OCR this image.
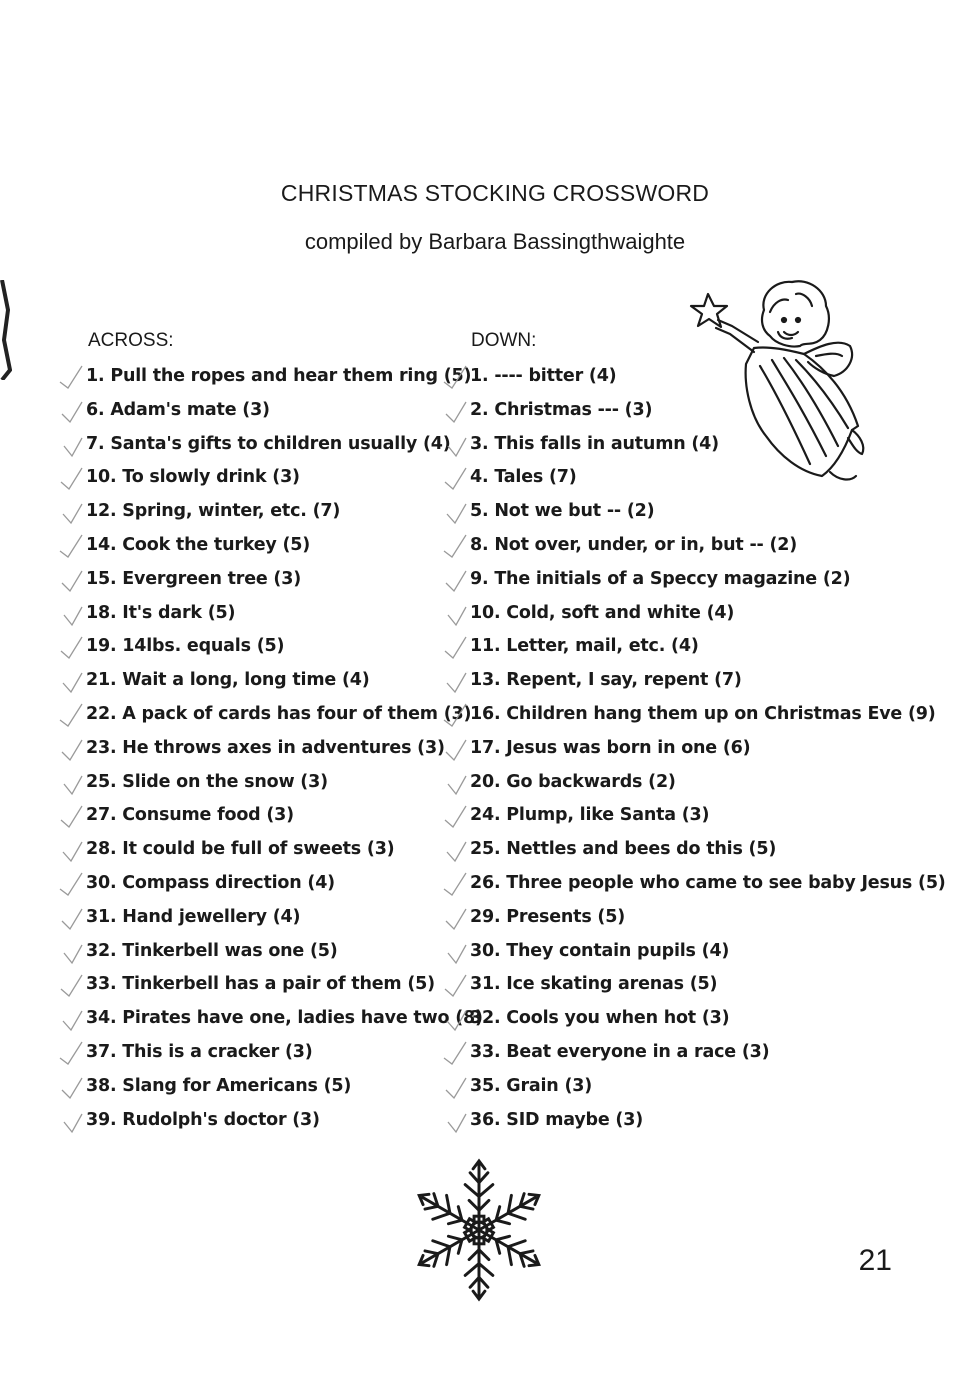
CHRISTMAS STOCKING CROSSWORD
compiled by Barbara Bassingthwaighte
ACROSS:	DOWN:
1. Pull the ropes and hear them ring (5)
6. Adam's mate (3)
7. Santa's gifts to children usually (4)
10. To slowly drink (3)
12. Spring, winter, etc. (7)
14. Cook the turkey (5)
15. Evergreen tree (3)
18. It's dark (5)
19. 14lbs. equals (5)
21. Wait a long, long time (4)
22. A pack of cards has four of them (3)
23. He throws axes in adventures (3)
25. Slide on the snow (3)
27. Consume food (3)
28. It could be full of sweets (3)
30. Compass direction (4)
31. Hand jewellery (4)
32. Tinkerbell was one (5)
33. Tinkerbell has a pair of them (5)
34. Pirates have one, ladies have two (8)
37. This is a cracker (3)
38. Slang for Americans (5)
39. Rudolph's doctor (3)
1. ---- bitter (4)
2. Christmas --- (3)
3. This falls in autumn (4)
4. Tales (7)
5. Not we but -- (2)
8. Not over, under, or in, but -- (2)
9. The initials of a Speccy magazine (2)
10. Cold, soft and white (4)
11. Letter, mail, etc. (4)
13. Repent, I say, repent (7)
16. Children hang them up on Christmas Eve (9)
17. Jesus was born in one (6)
20. Go backwards (2)
24. Plump, like Santa (3)
25. Nettles and bees do this (5)
26. Three people who came to see baby Jesus (5)
29. Presents (5)
30. They contain pupils (4)
31. Ice skating arenas (5)
32. Cools you when hot (3)
33. Beat everyone in a race (3)
35. Grain (3)
36. SID maybe (3)
21
